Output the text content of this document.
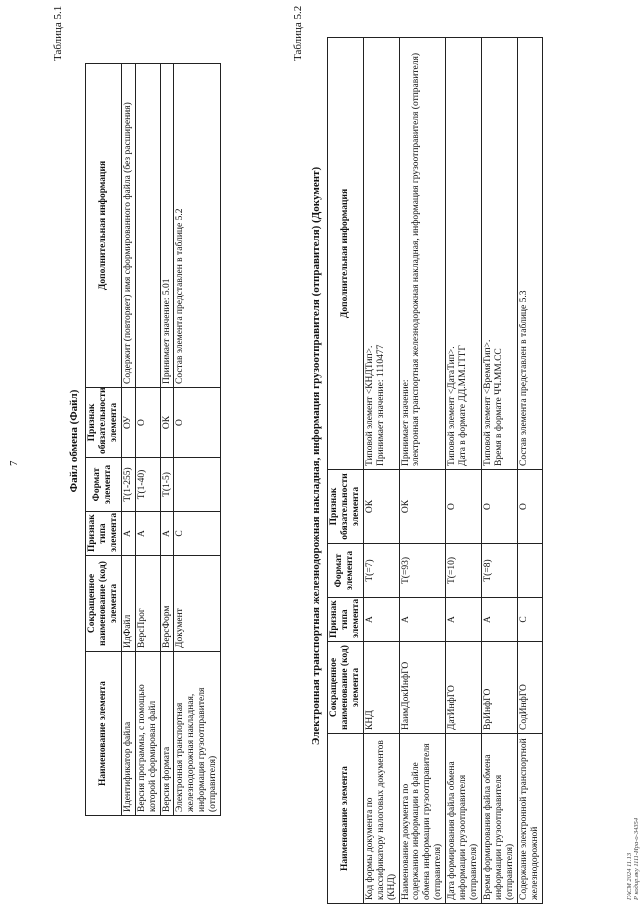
7
Таблица 5.1
Файл обмена (Файл)
Наименование элемента	Сокращенное наименование (код) элемента	Признак типа элемента	Формат элемента	Признак обязательности элемента	Дополнительная информация
Идентификатор файла	ИдФайл	A	T(1-255)	ОУ	Содержит (повторяет) имя сформированного файла (без расширения)
Версия программы, с помощью которой сформирован файл	ВерсПрог	A	T(1-40)	О	
Версия формата	ВерсФорм	A	T(1-5)	ОК	Принимает значение: 5.01
Электронная транспортная железнодорожная накладная, информация грузоотправителя (отправителя)	Документ	С		О	Состав элемента представлен в таблице 5.2
Таблица 5.2
Электронная транспортная железнодорожная накладная, информация грузоотправителя (отправителя) (Документ)
Наименование элемента	Сокращенное наименование (код) элемента	Признак типа элемента	Формат элемента	Признак обязательности элемента	Дополнительная информация
Код формы документа по классификатору налоговых документов (КНД)	КНД	A	T(=7)	ОК	Типовой элемент <КНДТип>. Принимает значение: 1110477

Наименование документа по содержанию информации в файле обмена информации грузоотправителя (отправителя)	НаимДокИнфГО	A	T(=93)	ОК	Принимает значение: электронная транспортная железнодорожная накладная, информация грузоотправителя (отправителя)

Дата формирования файла обмена информации грузоотправителя (отправителя)	ДатИнфГО	A	T(=10)	О	Типовой элемент <ДатаТип>. Дата в формате ДД.ММ.ГГГГ

Время формирования файла обмена информации грузоотправителя (отправителя)	ВрИнфГО	A	T(=8)	О	Типовой элемент <ВремяТип>. Время в формате ЧЧ.ММ.СС

Содержание электронной транспортной железнодорожной	СодИнфГО	С		О	Состав элемента представлен в таблице 5.3
ГАСМ 2024 11.13 Р кодир.вку 1111-Ира-о-34354
